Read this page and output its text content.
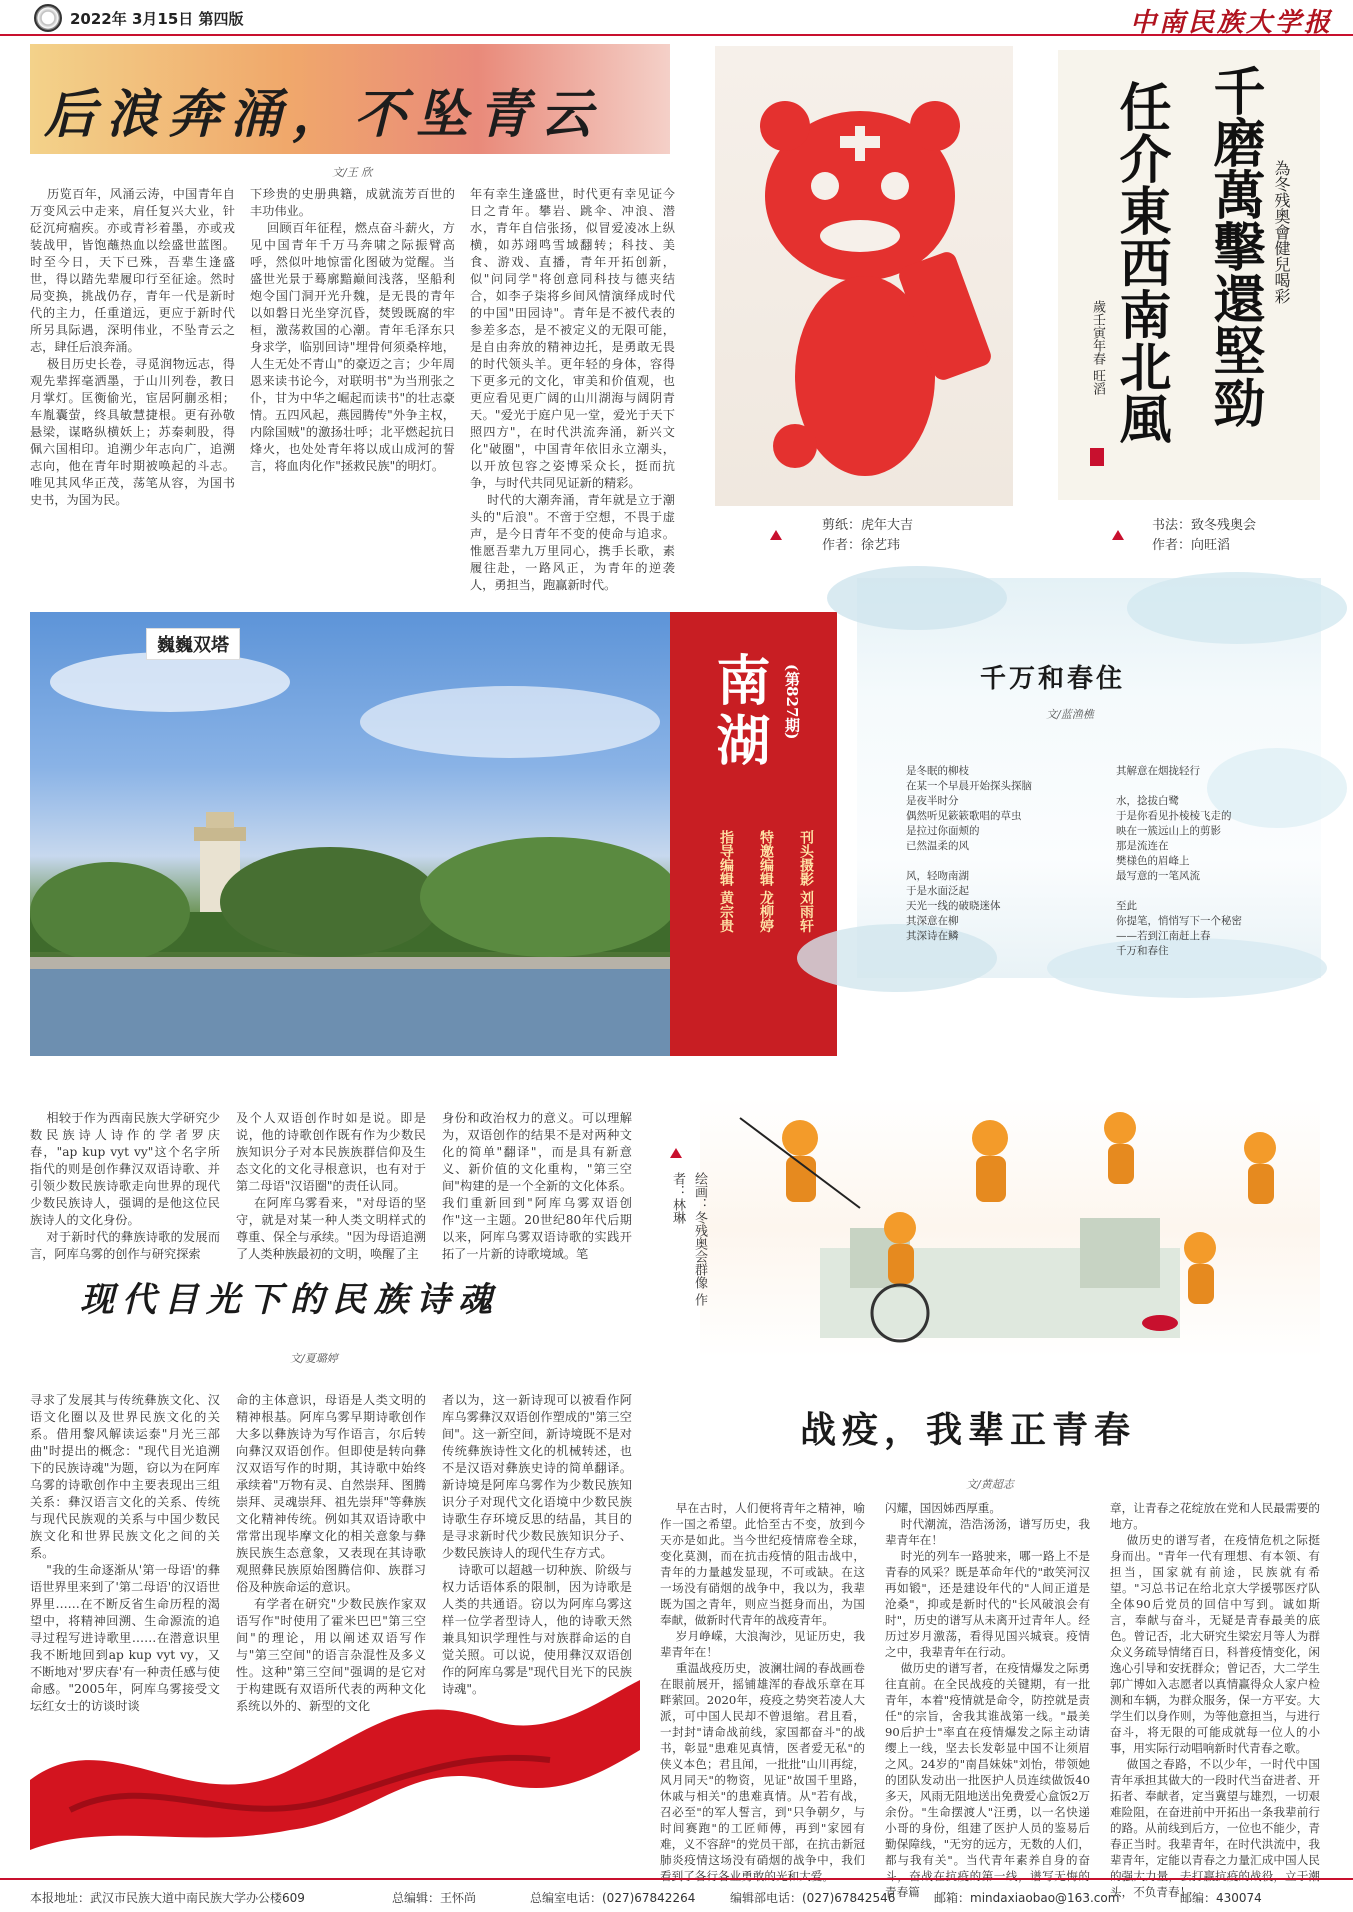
2022年 3月15日 第四版	中南民族大学报
后浪奔涌，不坠青云
文/王 欣
历览百年，风涌云涛，中国青年自万变风云中走来，肩任复兴大业，针砭沉疴痼疾。亦或青衫着墨，亦或戎装战甲，皆饱蘸热血以绘盛世蓝图。时至今日，天下已殊，吾辈生逢盛世，得以踏先辈履印行至征途。然时局变换，挑战仍存，青年一代是新时代的主力，任重道远，更应于新时代所另具际遇，深明伟业，不坠青云之志，肆任后浪奔涌。
极目历史长卷，寻觅润物远志，得观先辈挥毫洒墨，于山川列卷，教日月掌灯。匡衡偷光，宦居阿蒯丞相；车胤囊萤，终具敏慧捷根。更有孙敬悬梁，谋略纵横妖上；苏秦刺股，得佩六国相印。追溯少年志向广，追溯志向，他在青年时期被唤起的斗志。唯见其风华正茂，荡笔从容，为国书史书，为国为民。
下珍贵的史册典籍，成就流芳百世的丰功伟业。
回顾百年征程，燃点奋斗薪火，方见中国青年千万马奔啸之际振臂高呼，然似叶地惊雷化图破为觉醒。当盛世光景于蓦廓黯巅间浅落，坚船利炮令国门洞开光升魏，是无畏的青年以如磐日光坐穿沉昏，焚毁既腐的牢桓，激荡救国的心潮。青年毛泽东只身求学，临别回诗"埋骨何须桑梓地，人生无处不青山"的豪迈之言；少年周恩来读书论今，对联明书"为当刑张之仆，甘为中华之崛起而读书"的壮志豪情。五四风起，燕园腾传"外争主权，内除国贼"的激扬壮呼；北平燃起抗日烽火，也处处青年将以成山成河的誓言，将血肉化作"拯救民族"的明灯。
年有幸生逢盛世，时代更有幸见证今日之青年。攀岩、跳伞、冲浪、潜水，青年自信张扬，似冒爱凌冰上纵横，如苏翊鸣雪域翻转；科技、美食、游戏、直播，青年开拓创新，似"问同学"将创意同科技与德夹结合，如李子柒将乡间风情演绎成时代的中国"田园诗"。青年是不被代表的参差多态，是不被定义的无限可能，是自由奔放的精神边托，是勇敢无畏的时代领头羊。更年轻的身体，容得下更多元的文化，审美和价值观，也更应看见更广阔的山川湖海与阔阴青天。"爱光于庭户见一堂，爱光于天下照四方"，在时代洪流奔涌，新兴文化"破圈"，中国青年依旧永立潮头，以开放包容之姿博采众长，挺而抗争，与时代共同见证新的精彩。
时代的大潮奔涌，青年就是立于潮头的"后浪"。不啻于空想，不畏于虚声，是今日青年不变的使命与追求。惟愿吾辈九万里同心，携手长歌，素履往赴，一路风正，为青年的逆袭人，勇担当，跑赢新时代。
剪纸：虎年大吉
作者：徐艺玮
千磨萬擊還堅勁
任介東西南北風	為冬残奧會健兒喝彩
歲壬寅年春 旺滔
书法：致冬残奥会
作者：向旺滔
巍巍双塔
南湖 (第827期)
刊头摄影 刘雨轩
特邀编辑 龙柳婷
指导编辑 黄宗贵
千万和春住
文/蓝渔樵
是冬眠的柳枝
在某一个早晨开始探头探脑
是夜半时分
偶然听见簌簌歌唱的草虫
是拉过你面颊的
已然温柔的风

风，轻吻南湖
于是水面泛起
天光一线的破晓迷体
其深意在柳
其深诗在鳞
其解意在烟拢轻行

水，捻拔白鹭
于是你看见扑棱棱飞走的
映在一簇远山上的剪影
那是流连在
樊様色的眉峰上
最写意的一笔风流

至此
你提笔，悄悄写下一个秘密
——若到江南赶上春
千万和春住
相较于作为西南民族大学研究少数民族诗人诗作的学者罗庆春，"ap kup vyt vy"这个名字所指代的则是创作彝汉双语诗歌、并引领少数民族诗歌走向世界的现代少数民族诗人，强调的是他这位民族诗人的文化身份。
对于新时代的彝族诗歌的发展而言，阿库乌雾的创作与研究探索
及个人双语创作时如是说。即是说，他的诗歌创作既有作为少数民族知识分子对本民族族群信仰及生态文化的文化寻根意识，也有对于第二母语"汉语圈"的责任认同。
在阿库乌雾看来，"对母语的坚守，就是对某一种人类文明样式的尊重、保全与承续。"因为母语追溯了人类种族最初的文明，唤醒了主
身份和政治权力的意义。可以理解为，双语创作的结果不是对两种文化的简单"翻译"，而是具有新意义、新价值的文化重构，"第三空间"构建的是一个全新的文化体系。我们重新回到"阿库乌雾双语创作"这一主题。20世纪80年代后期以来，阿库乌雾双语诗歌的实践开拓了一片新的诗歌境域。笔
现代目光下的民族诗魂
文/夏璐婷
寻求了发展其与传统彝族文化、汉语文化圈以及世界民族文化的关系。借用黎风解读运泰"月光三部曲"时提出的概念："现代目光追溯下的民族诗魂"为题，窃以为在阿库乌雾的诗歌创作中主要表现出三组关系：彝汉语言文化的关系、传统与现代民族观的关系与中国少数民族文化和世界民族文化之间的关系。
"我的生命逐渐从'第一母语'的彝语世界里来到了'第二母语'的汉语世界里……在不断反省生命历程的渴望中，将精神回溯、生命源流的追寻过程写进诗歌里……在潜意识里我不断地回到ap kup vyt vy，又不断地对'罗庆春'有一种责任感与使命感。"2005年，阿库乌雾接受文坛红女士的访谈时谈
命的主体意识，母语是人类文明的精神根基。阿库乌雾早期诗歌创作大多以彝族诗为写作语言，尔后转向彝汉双语创作。但即使是转向彝汉双语写作的时期，其诗歌中始终承续着"万物有灵、自然崇拜、图腾崇拜、灵魂崇拜、祖先崇拜"等彝族文化精神传统。例如其双语诗歌中常常出现毕摩文化的相关意象与彝族民族生态意象，又表现在其诗歌观照彝民族原始图腾信仰、族群习俗及种族命运的意识。
有学者在研究"少数民族作家双语写作"时使用了霍米巴巴"第三空间"的理论，用以阐述双语写作与"第三空间"的语言杂混性及多义性。这种"第三空间"强调的是它对于构建既有双语所代表的两种文化系统以外的、新型的文化
者以为，这一新诗现可以被看作阿库乌雾彝汉双语创作塑成的"第三空间"。这一新空间，新诗境既不是对传统彝族诗性文化的机械转述，也不是汉语对彝族史诗的简单翻译。新诗境是阿库乌雾作为少数民族知识分子对现代文化语境中少数民族诗歌生存环境反思的结晶，其目的是寻求新时代少数民族知识分子、少数民族诗人的现代生存方式。
诗歌可以超越一切种族、阶级与权力话语体系的限制，因为诗歌是人类的共通语。窃以为阿库乌雾这样一位学者型诗人，他的诗歌天然兼具知识学理性与对族群命运的自觉关照。可以说，使用彝汉双语创作的阿库乌雾是"现代目光下的民族诗魂"。
绘画：冬残奥会群像 作者：林琳
战疫，我辈正青春
文/黄超志
早在古时，人们便将青年之精神，喻作一国之希望。此恰至古不变，放到今天亦是如此。当今世纪疫情席卷全球，变化莫测，而在抗击疫情的阻击战中，青年的力量越发显现，不可或缺。在这一场没有硝烟的战争中，我以为，我辈既为国之青年，则应当挺身而出，为国奉献，做新时代青年的战疫青年。
岁月峥嵘，大浪淘沙，见证历史，我辈青年在！
重温战疫历史，波澜壮阔的春战画卷在眼前展开，摇铺雄浑的春战乐章在耳畔萦回。2020年，疫疫之势突若凌人大派，可中国人民却不曾退缩。君且看，一封封"请命战前线，家国都奋斗"的战书，彰显"患难见真情，医者爱无私"的侠义本色；君且闻，一批批"山川再绽，风月同天"的物资，见证"故国千里路，休戚与相关"的患难真情。从"若有战，召必至"的军人誓言，到"只争朝夕，与时间赛跑"的工匠师傅，再到"家园有难，义不容辞"的党员干部，在抗击新冠肺炎疫情这场没有硝烟的战争中，我们看到了各行各业勇敢的光和大爱。
闪耀，国因姊西厚重。
时代潮流，浩浩汤汤，谱写历史，我辈青年在！
时光的列车一路驶来，哪一路上不是青春的风采？既是革命年代的"敢笑河汉再如锻"，还是建设年代的"人间正道是沧桑"，抑或是新时代的"长风破浪会有时"，历史的谱写从未离开过青年人。经历过岁月激荡，看得见国兴城衰。疫情之中，我辈青年在行动。
做历史的谱写者，在疫情爆发之际勇往直前。在全民战疫的关键期，有一批青年，本着"疫情就是命令，防控就是责任"的宗旨，舍我其谁战第一线。"最美90后护士"率直在疫情爆发之际主动请缨上一线，坚去长发彰显中国不让须眉之风。24岁的"南昌妹妹"刘怡，带领她的团队发动出一批医护人员连续做饭40多天，风雨无阻地送出免费爱心盒饭2万余份。"生命摆渡人"汪勇，以一名快递小哥的身份，组建了医护人员的鉴易后勤保障线，"无穷的远方，无数的人们，都与我有关"。当代青年素养自身的奋斗，奋战在抗疫的第一线，谱写无悔的青春篇
章，让青春之花绽放在党和人民最需要的地方。
做历史的谱写者，在疫情危机之际挺身而出。"青年一代有理想、有本领、有担当，国家就有前途，民族就有希望。"习总书记在给北京大学援鄂医疗队全体90后党员的回信中写到。诚如斯言，奉献与奋斗，无疑是青春最美的底色。曾记否，北大研究生梁宏月等人为群众义务疏导情绪百日，科普疫情变化，闲逸心引导和安抚群众；曾记否，大二学生郭广博如入志愿者以真情赢得众人家户检测和车辆，为群众服务，保一方平安。大学生们以身作则，为等他意担当，与进行奋斗，将无限的可能成就每一位人的小事，用实际行动唱响新时代青春之歌。
做国之春路，不以少年，一时代中国青年承担其做大的一段时代当奋进者、开拓者、奉献者，定当冀望与雄烈，一切艰难险阻，在奋进前中开拓出一条我辈前行的路。从前线到后方，一位也不能少，青春正当时。我辈青年，在时代洪流中，我辈青年，定能以青春之力量汇成中国人民的强大力量，去打赢抗疫的战役，立于潮头，不负青春！
本报地址：武汉市民族大道中南民族大学办公楼609	总编辑：王怀尚	总编室电话：(027)67842264	编辑部电话：(027)67842546	邮箱：mindaxiaobao@163.com	邮编：430074
